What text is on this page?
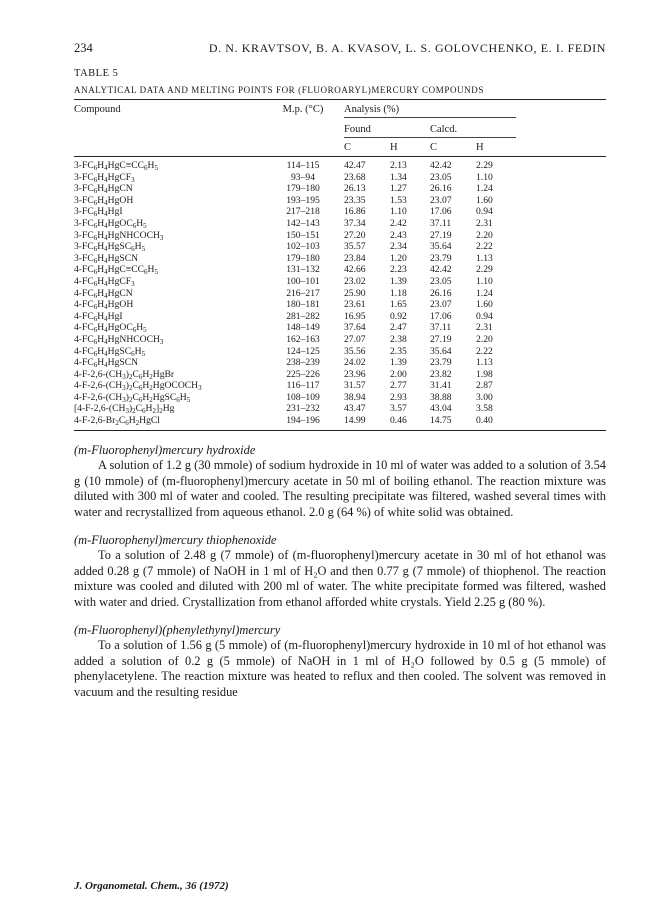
234	D. N. KRAVTSOV, B. A. KVASOV, L. S. GOLOVCHENKO, E. I. FEDIN
TABLE 5
ANALYTICAL DATA AND MELTING POINTS FOR (FLUOROARYL)MERCURY COMPOUNDS
Compound	M.p. (°C)	Analysis (%)
Found	Calcd.
C	H	C	H
$3-FC_6H_4HgC\equiv CC_6H_5$	114–115	42.47	2.13	42.42	2.29
$3-FC_6H_4HgCF_3$	93–94	23.68	1.34	23.05	1.10
$3-FC_6H_4HgCN$	179–180	26.13	1.27	26.16	1.24
$3-FC_6H_4HgOH$	193–195	23.35	1.53	23.07	1.60
$3-FC_6H_4HgI$	217–218	16.86	1.10	17.06	0.94
$3-FC_6H_4HgOC_6H_5$	142–143	37.34	2.42	37.11	2.31
$3-FC_6H_4HgNHCOCH_3$	150–151	27.20	2.43	27.19	2.20
$3-FC_6H_4HgSC_6H_5$	102–103	35.57	2.34	35.64	2.22
$3-FC_6H_4HgSCN$	179–180	23.84	1.20	23.79	1.13
$4-FC_6H_4HgC\equiv CC_6H_5$	131–132	42.66	2.23	42.42	2.29
$4-FC_6H_4HgCF_3$	100–101	23.02	1.39	23.05	1.10
$4-FC_6H_4HgCN$	216–217	25.90	1.18	26.16	1.24
$4-FC_6H_4HgOH$	180–181	23.61	1.65	23.07	1.60
$4-FC_6H_4HgI$	281–282	16.95	0.92	17.06	0.94
$4-FC_6H_4HgOC_6H_5$	148–149	37.64	2.47	37.11	2.31
$4-FC_6H_4HgNHCOCH_3$	162–163	27.07	2.38	27.19	2.20
$4-FC_6H_4HgSC_6H_5$	124–125	35.56	2.35	35.64	2.22
$4-FC_6H_4HgSCN$	238–239	24.02	1.39	23.79	1.13
$4-F-2,6-(CH_3)_2C_6H_2HgBr$	225–226	23.96	2.00	23.82	1.98
$4-F-2,6-(CH_3)_2C_6H_2HgOCOCH_3$	116–117	31.57	2.77	31.41	2.87
$4-F-2,6-(CH_3)_2C_6H_2HgSC_6H_5$	108–109	38.94	2.93	38.88	3.00
$[4-F-2,6-(CH_3)_2C_6H_2]_2Hg$	231–232	43.47	3.57	43.04	3.58
$4-F-2,6-Br_2C_6H_2HgCl$	194–196	14.99	0.46	14.75	0.40
(m-Fluorophenyl)mercury hydroxide

A solution of 1.2 g (30 mmole) of sodium hydroxide in 10 ml of water was added to a solution of 3.54 g (10 mmole) of (m-fluorophenyl)mercury acetate in 50 ml of boiling ethanol. The reaction mixture was diluted with 300 ml of water and cooled. The resulting precipitate was filtered, washed several times with water and recrystallized from aqueous ethanol. 2.0 g (64 %) of white solid was obtained.

(m-Fluorophenyl)mercury thiophenoxide

To a solution of 2.48 g (7 mmole) of (m-fluorophenyl)mercury acetate in 30 ml of hot ethanol was added 0.28 g (7 mmole) of NaOH in 1 ml of H₂O and then 0.77 g (7 mmole) of thiophenol. The reaction mixture was cooled and diluted with 200 ml of water. The white precipitate formed was filtered, washed with water and dried. Crystallization from ethanol afforded white crystals. Yield 2.25 g (80 %).

(m-Fluorophenyl)(phenylethynyl)mercury

To a solution of 1.56 g (5 mmole) of (m-fluorophenyl)mercury hydroxide in 10 ml of hot ethanol was added a solution of 0.2 g (5 mmole) of NaOH in 1 ml of H₂O followed by 0.5 g (5 mmole) of phenylacetylene. The reaction mixture was heated to reflux and then cooled. The solvent was removed in vacuum and the resulting residue

J. Organometal. Chem., 36 (1972)
